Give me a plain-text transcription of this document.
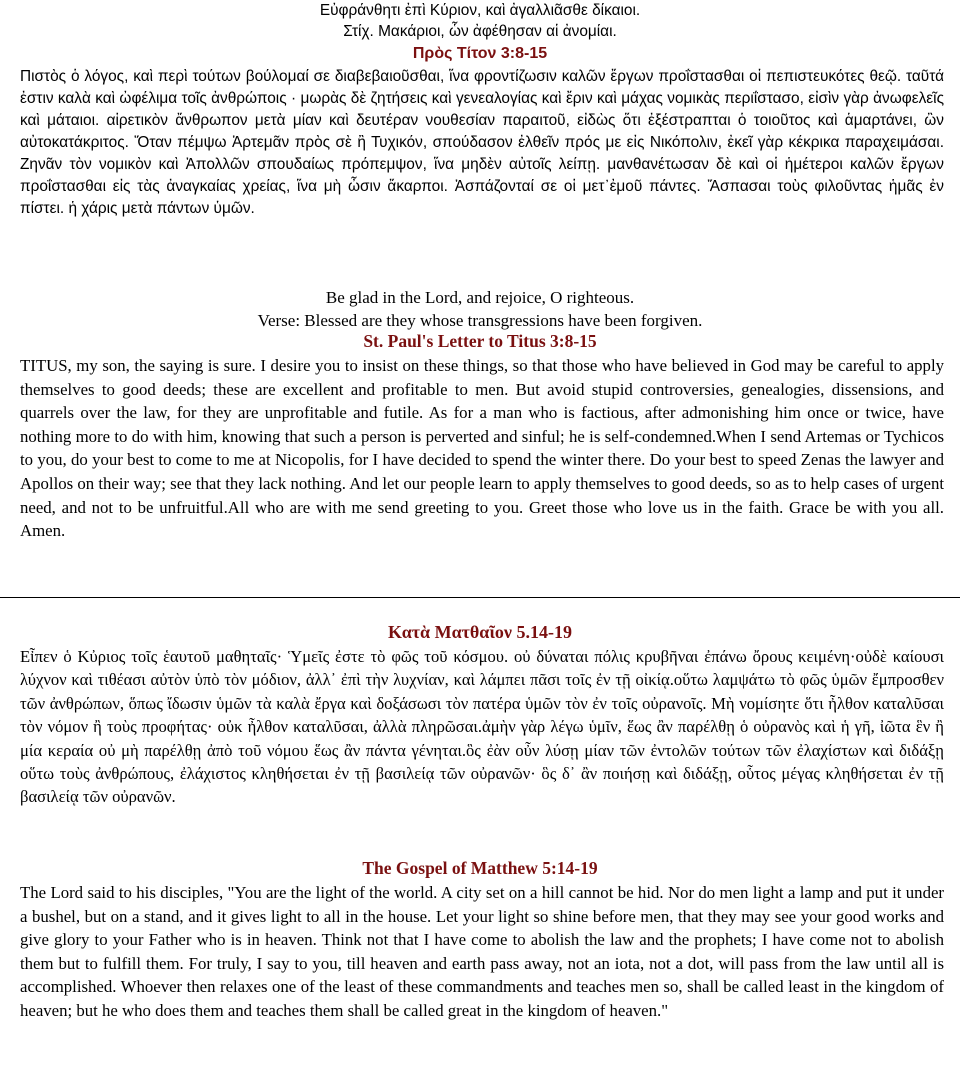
Εὐφράνθητι ἐπὶ Κύριον, καὶ ἀγαλλιᾶσθε δίκαιοι.
Στίχ. Μακάριοι, ὧν ἀφέθησαν αἱ ἀνομίαι.
Πρὸς Τίτον 3:8-15
Πιστὸς ὁ λόγος, καὶ περὶ τούτων βούλομαί σε διαβεβαιοῦσθαι, ἵνα φροντίζωσιν καλῶν ἔργων προΐστασθαι οἱ πεπιστευκότες θεῷ. ταῦτά ἐστιν καλὰ καὶ ὠφέλιμα τοῖς ἀνθρώποις · μωρὰς δὲ ζητήσεις καὶ γενεαλογίας καὶ ἔριν καὶ μάχας νομικὰς περιΐστασο, εἰσὶν γὰρ ἀνωφελεῖς καὶ μάταιοι. αἱρετικὸν ἄνθρωπον μετὰ μίαν καὶ δευτέραν νουθεσίαν παραιτοῦ, εἰδὼς ὅτι ἐξέστραπται ὁ τοιοῦτος καὶ ἁμαρτάνει, ὢν αὐτοκατάκριτος. Ὅταν πέμψω Ἀρτεμᾶν πρὸς σὲ ἢ Τυχικόν, σπούδασον ἐλθεῖν πρός με εἰς Νικόπολιν, ἐκεῖ γὰρ κέκρικα παραχειμάσαι. Ζηνᾶν τὸν νομικὸν καὶ Ἀπολλῶν σπουδαίως πρόπεμψον, ἵνα μηδὲν αὐτοῖς λείπῃ. μανθανέτωσαν δὲ καὶ οἱ ἡμέτεροι καλῶν ἔργων προΐστασθαι εἰς τὰς ἀναγκαίας χρείας, ἵνα μὴ ὦσιν ἄκαρποι. Ἀσπάζονταί σε οἱ μετ᾽ἐμοῦ πάντες. Ἄσπασαι τοὺς φιλοῦντας ἡμᾶς ἐν πίστει. ἡ χάρις μετὰ πάντων ὑμῶν.
Be glad in the Lord, and rejoice, O righteous.
Verse: Blessed are they whose transgressions have been forgiven.
St. Paul's Letter to Titus 3:8-15
TITUS, my son, the saying is sure. I desire you to insist on these things, so that those who have believed in God may be careful to apply themselves to good deeds; these are excellent and profitable to men. But avoid stupid controversies, genealogies, dissensions, and quarrels over the law, for they are unprofitable and futile. As for a man who is factious, after admonishing him once or twice, have nothing more to do with him, knowing that such a person is perverted and sinful; he is self-condemned.When I send Artemas or Tychicos to you, do your best to come to me at Nicopolis, for I have decided to spend the winter there. Do your best to speed Zenas the lawyer and Apollos on their way; see that they lack nothing. And let our people learn to apply themselves to good deeds, so as to help cases of urgent need, and not to be unfruitful.All who are with me send greeting to you. Greet those who love us in the faith. Grace be with you all. Amen.
Κατὰ Ματθαῖον 5.14-19
Εἶπεν ὁ Κὐριος τοῖς ἑαυτοῦ μαθηταῖς· Ὑμεῖς ἐστε τὸ φῶς τοῦ κόσμου. οὐ δύναται πόλις κρυβῆναι ἐπάνω ὄρους κειμένη·οὐδὲ καίουσι λύχνον καὶ τιθέασι αὐτὸν ὑπὸ τὸν μόδιον, ἀλλ᾽ ἐπὶ τὴν λυχνίαν, καὶ λάμπει πᾶσι τοῖς ἐν τῇ οἰκίᾳ.οὕτω λαμψάτω τὸ φῶς ὑμῶν ἔμπροσθεν τῶν ἀνθρώπων, ὅπως ἴδωσιν ὑμῶν τὰ καλὰ ἔργα καὶ δοξάσωσι τὸν πατέρα ὑμῶν τὸν ἐν τοῖς οὐρανοῖς. Μὴ νομίσητε ὅτι ἦλθον καταλῦσαι τὸν νόμον ἢ τοὺς προφήτας· οὐκ ἦλθον καταλῦσαι, ἀλλὰ πληρῶσαι.ἀμὴν γὰρ λέγω ὑμῖν, ἕως ἂν παρέλθῃ ὁ οὐρανὸς καὶ ἡ γῆ, ἰῶτα ἓν ἢ μία κεραία οὐ μὴ παρέλθῃ ἀπὸ τοῦ νόμου ἕως ἂν πάντα γένηται.ὃς ἐὰν οὖν λύσῃ μίαν τῶν ἐντολῶν τούτων τῶν ἐλαχίστων καὶ διδάξῃ οὕτω τοὺς ἀνθρώπους, ἐλάχιστος κληθήσεται ἐν τῇ βασιλείᾳ τῶν οὐρανῶν· ὃς δ᾽ ἂν ποιήσῃ καὶ διδάξῃ, οὗτος μέγας κληθήσεται ἐν τῇ βασιλείᾳ τῶν οὐρανῶν.
The Gospel of Matthew 5:14-19
The Lord said to his disciples, "You are the light of the world. A city set on a hill cannot be hid. Nor do men light a lamp and put it under a bushel, but on a stand, and it gives light to all in the house. Let your light so shine before men, that they may see your good works and give glory to your Father who is in heaven. Think not that I have come to abolish the law and the prophets; I have come not to abolish them but to fulfill them. For truly, I say to you, till heaven and earth pass away, not an iota, not a dot, will pass from the law until all is accomplished. Whoever then relaxes one of the least of these commandments and teaches men so, shall be called least in the kingdom of heaven; but he who does them and teaches them shall be called great in the kingdom of heaven."
